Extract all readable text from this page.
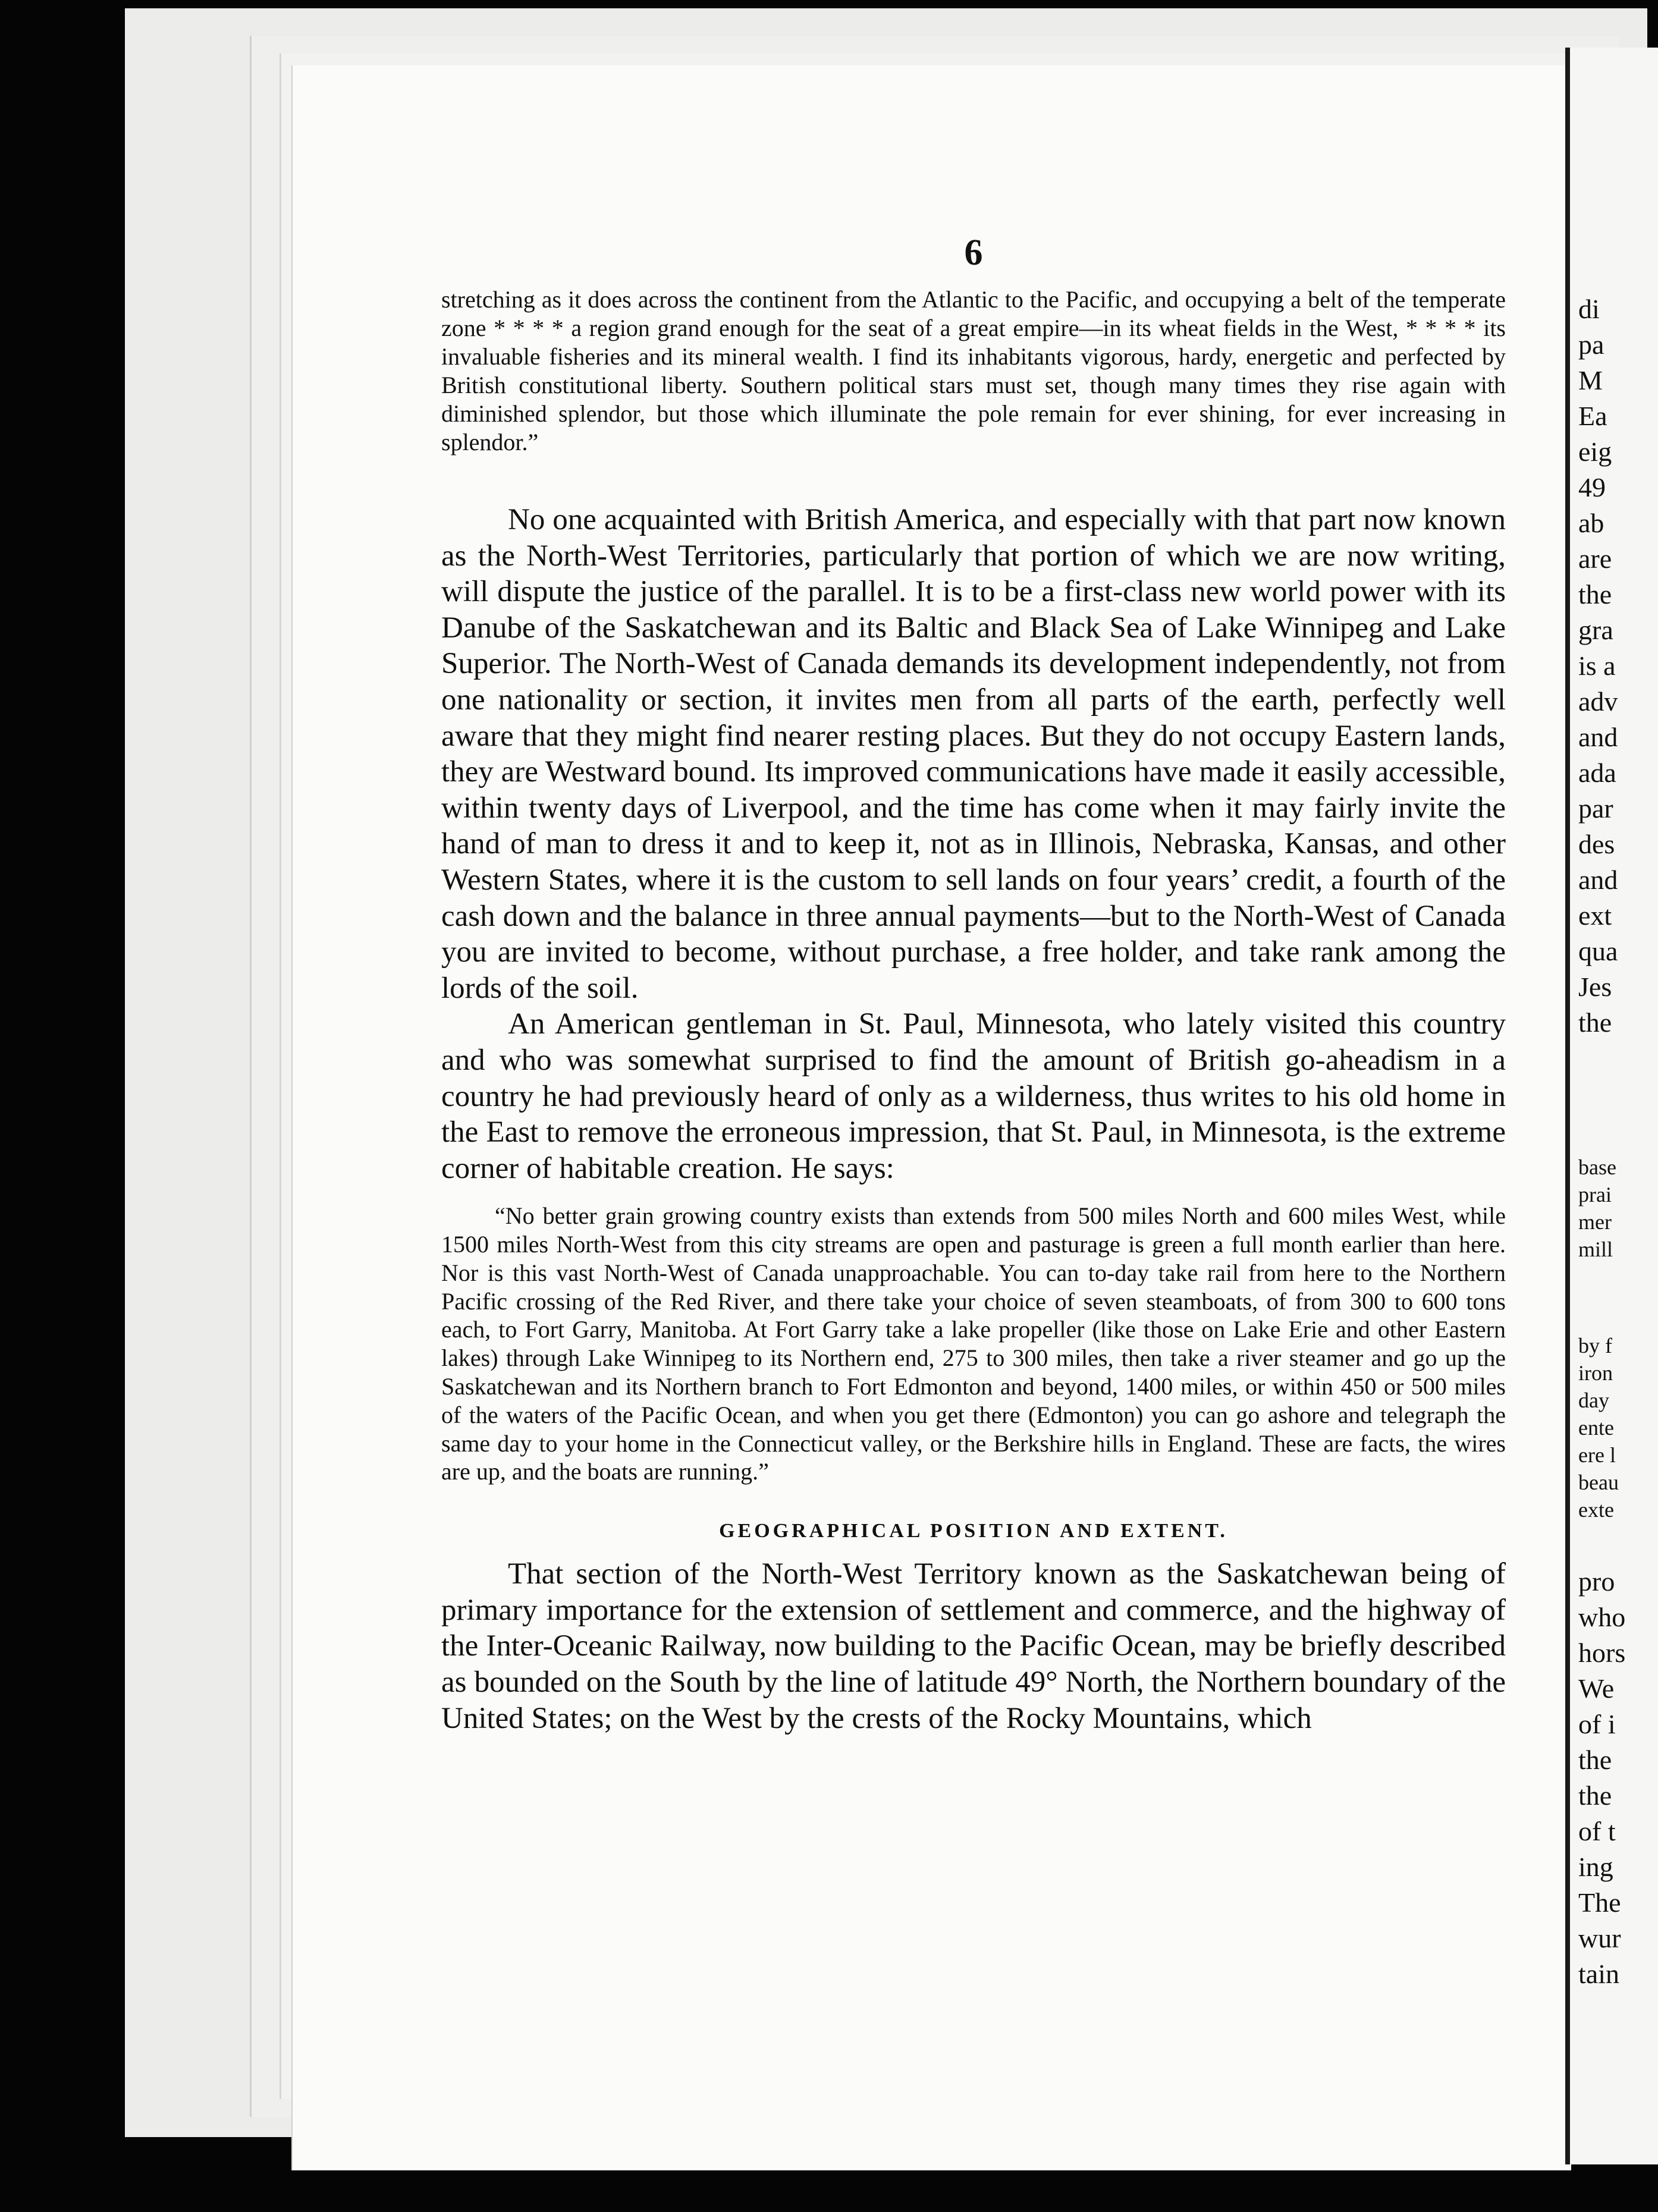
6

stretching as it does across the continent from the Atlantic to the Pacific, and occupying a belt of the temperate zone * * * * a region grand enough for the seat of a great empire—in its wheat fields in the West, * * * * its invaluable fisheries and its mineral wealth. I find its inhabitants vigorous, hardy, energetic and perfected by British constitutional liberty. Southern political stars must set, though many times they rise again with diminished splendor, but those which illuminate the pole remain for ever shining, for ever increasing in splendor.”

No one acquainted with British America, and especially with that part now known as the North-West Territories, particularly that portion of which we are now writing, will dispute the justice of the parallel. It is to be a first-class new world power with its Danube of the Saskatchewan and its Baltic and Black Sea of Lake Winnipeg and Lake Superior. The North-West of Canada demands its development independently, not from one nationality or section, it invites men from all parts of the earth, perfectly well aware that they might find nearer resting places. But they do not occupy Eastern lands, they are Westward bound. Its improved communications have made it easily accessible, within twenty days of Liverpool, and the time has come when it may fairly invite the hand of man to dress it and to keep it, not as in Illinois, Nebraska, Kansas, and other Western States, where it is the custom to sell lands on four years’ credit, a fourth of the cash down and the balance in three annual payments—but to the North-West of Canada you are invited to become, without purchase, a free holder, and take rank among the lords of the soil.

An American gentleman in St. Paul, Minnesota, who lately visited this country and who was somewhat surprised to find the amount of British go-aheadism in a country he had previously heard of only as a wilderness, thus writes to his old home in the East to remove the erroneous impression, that St. Paul, in Minnesota, is the extreme corner of habitable creation. He says:

“No better grain growing country exists than extends from 500 miles North and 600 miles West, while 1500 miles North-West from this city streams are open and pasturage is green a full month earlier than here. Nor is this vast North-West of Canada unapproachable. You can to-day take rail from here to the Northern Pacific crossing of the Red River, and there take your choice of seven steamboats, of from 300 to 600 tons each, to Fort Garry, Manitoba. At Fort Garry take a lake propeller (like those on Lake Erie and other Eastern lakes) through Lake Winnipeg to its Northern end, 275 to 300 miles, then take a river steamer and go up the Saskatchewan and its Northern branch to Fort Edmonton and beyond, 1400 miles, or within 450 or 500 miles of the waters of the Pacific Ocean, and when you get there (Edmonton) you can go ashore and telegraph the same day to your home in the Connecticut valley, or the Berkshire hills in England. These are facts, the wires are up, and the boats are running.”

GEOGRAPHICAL POSITION AND EXTENT.

That section of the North-West Territory known as the Saskatchewan being of primary importance for the extension of settlement and commerce, and the highway of the Inter-Oceanic Railway, now building to the Pacific Ocean, may be briefly described as bounded on the South by the line of latitude 49° North, the Northern boundary of the United States; on the West by the crests of the Rocky Mountains, which

di
pa
M
Ea
eig
49
ab
are
the
gra
is a
adv
and
ada
par
des
and
ext
qua
Jes
the
base
prai
mer
mill
by f
iron
day
ente
ere l
beau
exte
pro
who
hors
We
of i
the
the
of t
ing
The
wur
tain
